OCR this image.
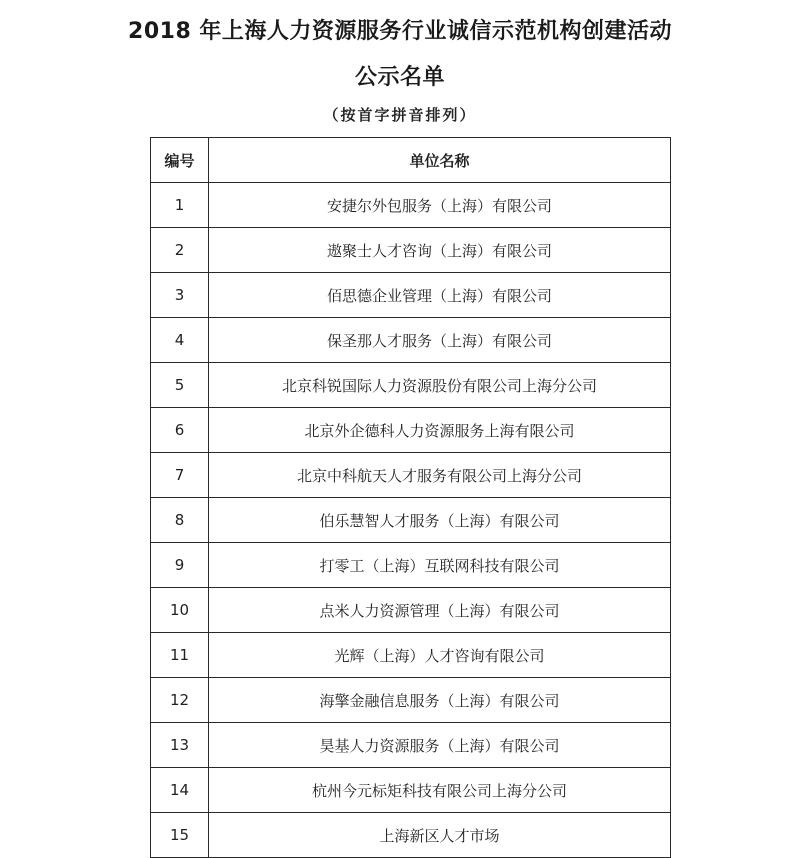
2018 年上海人力资源服务行业诚信示范机构创建活动
公示名单
（按首字拼音排列）
编号	单位名称
1	安捷尔外包服务（上海）有限公司
2	遨聚士人才咨询（上海）有限公司
3	佰思德企业管理（上海）有限公司
4	保圣那人才服务（上海）有限公司
5	北京科锐国际人力资源股份有限公司上海分公司
6	北京外企德科人力资源服务上海有限公司
7	北京中科航天人才服务有限公司上海分公司
8	伯乐慧智人才服务（上海）有限公司
9	打零工（上海）互联网科技有限公司
10	点米人力资源管理（上海）有限公司
11	光辉（上海）人才咨询有限公司
12	海擎金融信息服务（上海）有限公司
13	昊基人力资源服务（上海）有限公司
14	杭州今元标矩科技有限公司上海分公司
15	上海新区人才市场
